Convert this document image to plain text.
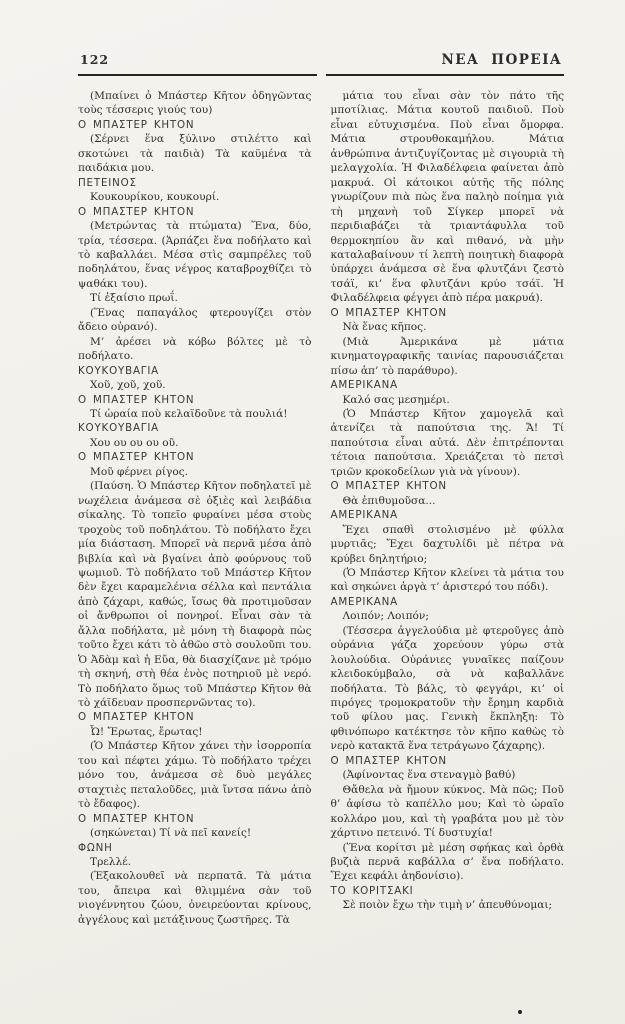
122	ΝΕΑ ΠΟΡΕΙΑ

(Μπαίνει ὁ Μπάστερ Κῆτον ὁδηγῶντας τοὺς τέσσερις γιούς του)

Ο ΜΠΑΣΤΕΡ ΚΗΤΟΝ

(Σέρνει ἕνα ξύλινο στιλέττο καὶ σκοτώνει τὰ παιδιὰ) Τὰ καϋμένα τὰ παιδάκια μου.

ΠΕΤΕΙΝΟΣ

Κουκουρίκου, κουκουρί.

Ο ΜΠΑΣΤΕΡ ΚΗΤΟΝ

(Μετρώντας τὰ πτώματα) Ἕνα, δύο, τρία, τέσσερα. (Ἁρπάζει ἕνα ποδήλατο καὶ τὸ καβαλλάει. Μέσα στὶς σαμπρέλες τοῦ ποδηλάτου, ἕνας νέγρος καταβροχθίζει τὸ ψαθάκι του).

Τί ἐξαίσιο πρωΐ.

(Ἕνας παπαγάλος φτερουγίζει στὸν ἄδειο οὐρανό).

Μ’ ἀρέσει νὰ κόβω βόλτες μὲ τὸ ποδήλατο.

ΚΟΥΚΟΥΒΑΓΙΑ

Χοῦ, χοῦ, χοῦ.

Ο ΜΠΑΣΤΕΡ ΚΗΤΟΝ

Τί ὡραία ποὺ κελαϊδοῦνε τὰ πουλιά!

ΚΟΥΚΟΥΒΑΓΙΑ

Χου ου ου ου οῦ.

Ο ΜΠΑΣΤΕΡ ΚΗΤΟΝ

Μοῦ φέρνει ρίγος.

(Παύση. Ὁ Μπάστερ Κῆτον ποδηλατεῖ μὲ νωχέλεια ἀνάμεσα σὲ ὀξιὲς καὶ λειβάδια σίκαλης. Τὸ τοπεῖο φυραίνει μέσα στοὺς τροχοὺς τοῦ ποδηλάτου. Τὸ ποδήλατο ἔχει μία διάσταση. Μπορεῖ νὰ περνᾶ μέσα ἀπὸ βιβλία καὶ νὰ βγαίνει ἀπὸ φούρνους τοῦ ψωμιοῦ. Τὸ ποδήλατο τοῦ Μπάστερ Κῆτον δὲν ἔχει καραμελένια σέλλα καὶ πεντάλια ἀπὸ ζάχαρι, καθώς, ἴσως θὰ προτιμοῦσαν οἱ ἄνθρωποι οἱ πονηροί. Εἶναι σὰν τὰ ἄλλα ποδήλατα, μὲ μόνη τὴ διαφορὰ πὼς τοῦτο ἔχει κάτι τὸ ἀθῶο στὸ σουλοῦπι του. Ὁ Ἀδὰμ καὶ ἡ Εὔα, θὰ διασχίζανε μὲ τρόμο τὴ σκηνή, στὴ θέα ἑνὸς ποτηριοῦ μὲ νερό. Τὸ ποδήλατο ὅμως τοῦ Μπάστερ Κῆτον θὰ τὸ χάϊδευαν προσπερνῶντας το).

Ο ΜΠΑΣΤΕΡ ΚΗΤΟΝ

Ὦ! Ἔρωτας, ἔρωτας!

(Ὁ Μπάστερ Κῆτον χάνει τὴν ἰσορροπία του καὶ πέφτει χάμω. Τὸ ποδήλατο τρέχει μόνο του, ἀνάμεσα σὲ δυὸ μεγάλες σταχτιὲς πεταλοῦδες, μιὰ ἴντσα πάνω ἀπὸ τὸ ἔδαφος).

Ο ΜΠΑΣΤΕΡ ΚΗΤΟΝ

(σηκώνεται) Τί νὰ πεῖ κανείς!

ΦΩΝΗ

Τρελλέ.

(Ἐξακολουθεῖ νὰ περπατᾶ. Τὰ μάτια του, ἄπειρα καὶ θλιμμένα σὰν τοῦ νιογέννητου ζώου, ὀνειρεύονται κρίνους, ἀγγέλους καὶ μετάξινους ζωστῆρες. Τὰ

μάτια του εἶναι σὰν τὸν πάτο τῆς μποτίλιας. Μάτια κουτοῦ παιδιοῦ. Ποὺ εἶναι εὐτυχισμένα. Ποὺ εἶναι ὄμορφα. Μάτια στρουθοκαμήλου. Μάτια ἀνθρώπινα ἀντιζυγίζοντας μὲ σιγουριὰ τὴ μελαγχολία. Ἡ Φιλαδέλφεια φαίνεται ἀπὸ μακρυά. Οἱ κάτοικοι αὐτῆς τῆς πόλης γνωρίζουν πιὰ πὼς ἕνα παληὸ ποίημα γιὰ τὴ μηχανὴ τοῦ Σίγκερ μπορεῖ νὰ περιδιαβάζει τὰ τριαντάφυλλα τοῦ θερμοκηπίου ἂν καὶ πιθανό, νὰ μὴν καταλαβαίνουν τί λεπτὴ ποιητικὴ διαφορὰ ὑπάρχει ἀνάμεσα σὲ ἕνα φλυτζάνι ζεστὸ τσάϊ, κι’ ἕνα φλυτζάνι κρύο τσάϊ. Ἡ Φιλαδέλφεια φέγγει ἀπὸ πέρα μακρυά).

Ο ΜΠΑΣΤΕΡ ΚΗΤΟΝ

Νὰ ἕνας κῆπος.

(Μιὰ Ἀμερικάνα μὲ μάτια κινηματογραφικῆς ταινίας παρουσιάζεται πίσω ἀπ’ τὸ παράθυρο).

ΑΜΕΡΙΚΑΝΑ

Καλό σας μεσημέρι.

(Ὁ Μπάστερ Κῆτον χαμογελᾶ καὶ ἀτενίζει τὰ παπούτσια της. Ἄ! Τί παπούτσια εἶναι αὐτά. Δὲν ἐπιτρέπονται τέτοια παπούτσια. Χρειάζεται τὸ πετσὶ τριῶν κροκοδείλων γιὰ νὰ γίνουν).

Ο ΜΠΑΣΤΕΡ ΚΗΤΟΝ

Θὰ ἐπιθυμοῦσα...

ΑΜΕΡΙΚΑΝΑ

Ἔχει σπαθὶ στολισμένο μὲ φύλλα μυρτιᾶς; Ἔχει δαχτυλίδι μὲ πέτρα νὰ κρύβει δηλητήριο;

(Ὁ Μπάστερ Κῆτον κλείνει τὰ μάτια του καὶ σηκώνει ἀργὰ τ’ ἀριστερό του πόδι).

ΑΜΕΡΙΚΑΝΑ

Λοιπόν; Λοιπόν;

(Τέσσερα ἀγγελούδια μὲ φτεροῦγες ἀπὸ οὐράνια γάζα χορεύουν γύρω στὰ λουλούδια. Οὐράνιες γυναῖκες παίζουν κλειδοκύμβαλο, σὰ νὰ καβαλλᾶνε ποδήλατα. Τὸ βάλς, τὸ φεγγάρι, κι’ οἱ πιρόγες τρομοκρατοῦν τὴν ἔρημη καρδιὰ τοῦ φίλου μας. Γενικὴ ἔκπληξη: Τὸ φθινόπωρο κατέκτησε τὸν κῆπο καθὼς τὸ νερὸ κατακτᾶ ἕνα τετράγωνο ζάχαρης).

Ο ΜΠΑΣΤΕΡ ΚΗΤΟΝ

(Ἀφίνοντας ἕνα στεναγμὸ βαθύ)

Θἄθελα νὰ ἤμουν κύκνος. Μὰ πῶς; Ποῦ θ’ ἀφίσω τὸ καπέλλο μου; Καὶ τὸ ὡραῖο κολλάρο μου, καὶ τὴ γραβάτα μου μὲ τὸν χάρτινο πετεινό. Τί δυστυχία!

(Ἕνα κορίτσι μὲ μέση σφήκας καὶ ὀρθὰ βυζιὰ περνᾶ καβάλλα σ’ ἕνα ποδήλατο. Ἔχει κεφάλι ἀηδονίσιο).

ΤΟ ΚΟΡΙΤΣΑΚΙ

Σὲ ποιὸν ἔχω τὴν τιμὴ ν’ ἀπευθύνομαι;
